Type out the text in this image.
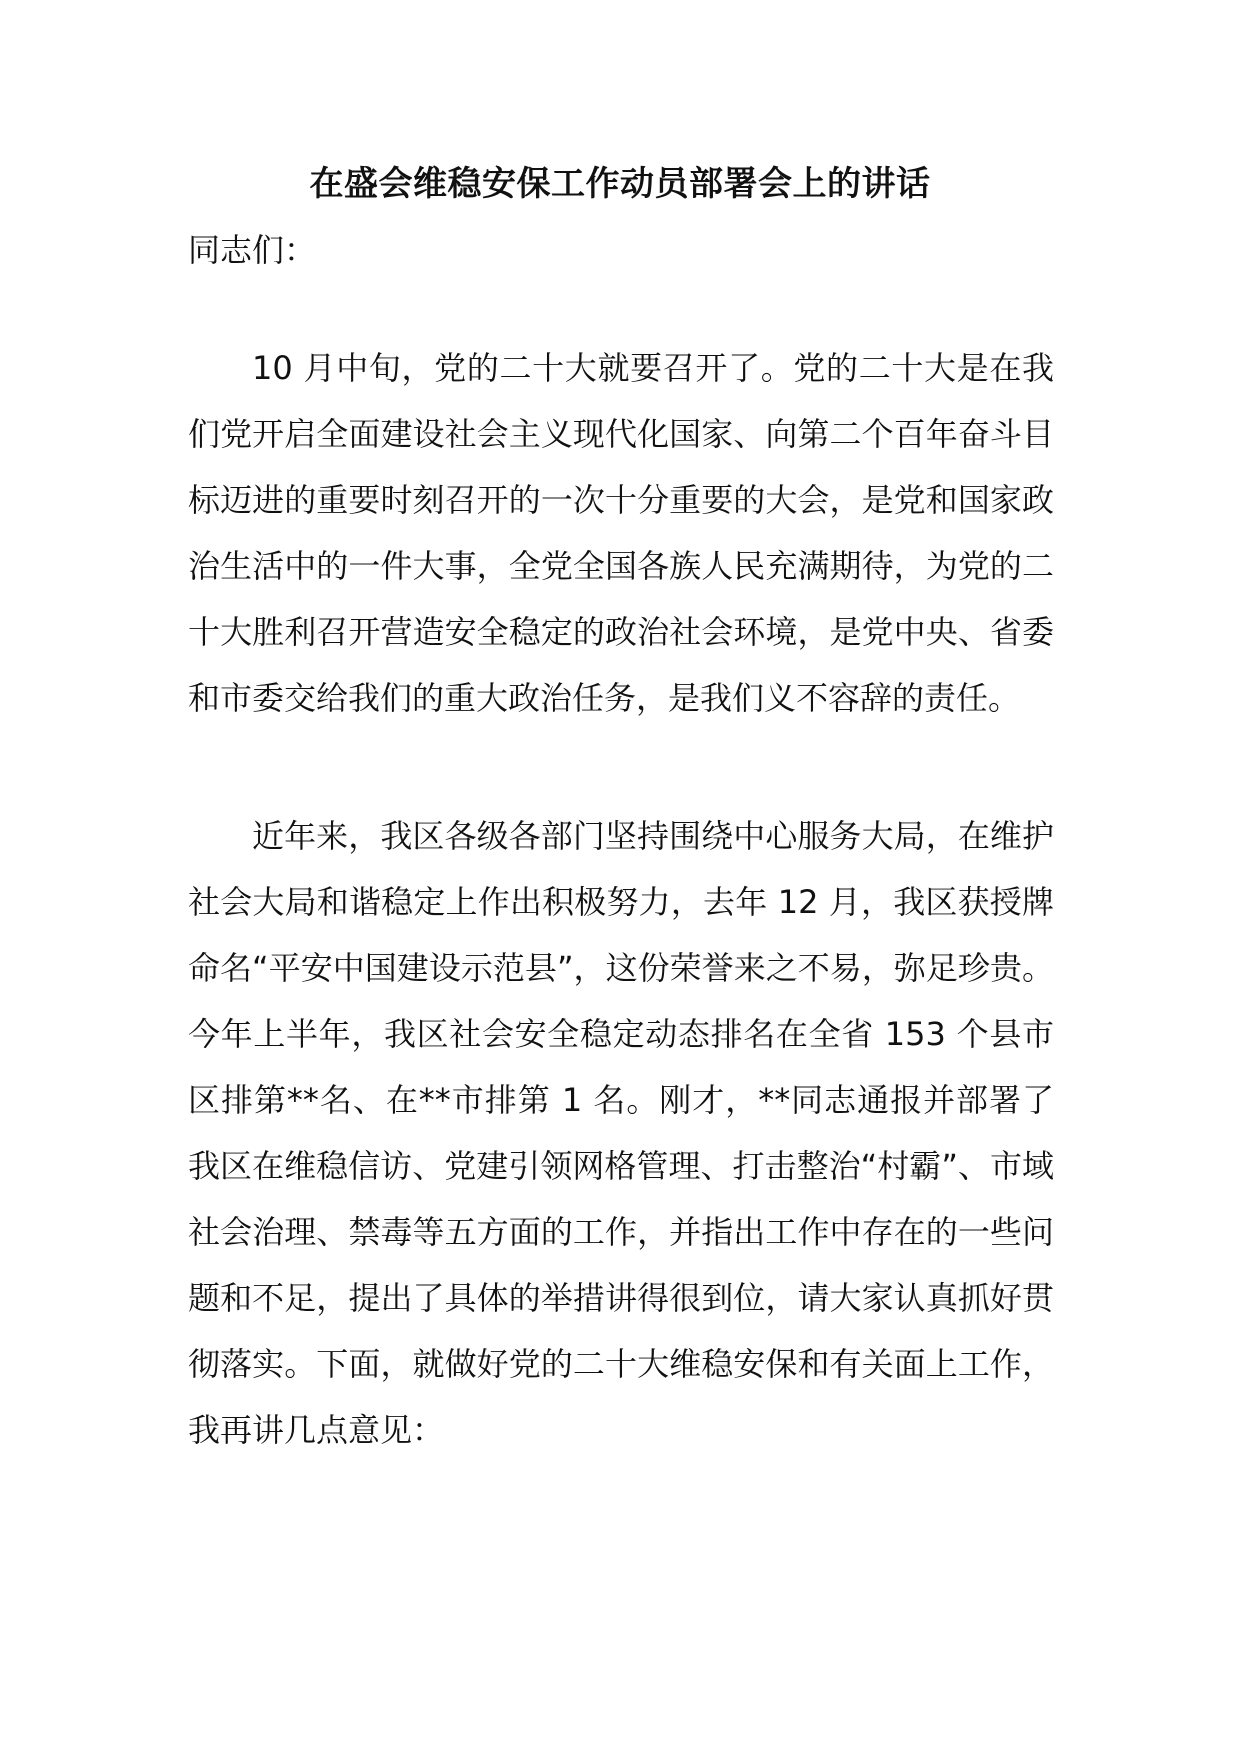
在盛会维稳安保工作动员部署会上的讲话

同志们：

10 月中旬，党的二十大就要召开了。党的二十大是在我们党开启全面建设社会主义现代化国家、向第二个百年奋斗目标迈进的重要时刻召开的一次十分重要的大会，是党和国家政治生活中的一件大事，全党全国各族人民充满期待，为党的二十大胜利召开营造安全稳定的政治社会环境，是党中央、省委和市委交给我们的重大政治任务，是我们义不容辞的责任。

近年来，我区各级各部门坚持围绕中心服务大局，在维护社会大局和谐稳定上作出积极努力，去年 12 月，我区获授牌命名“平安中国建设示范县”，这份荣誉来之不易，弥足珍贵。今年上半年，我区社会安全稳定动态排名在全省 153 个县市区排第**名、在**市排第 1 名。刚才，**同志通报并部署了我区在维稳信访、党建引领网格管理、打击整治“村霸”、市域社会治理、禁毒等五方面的工作，并指出工作中存在的一些问题和不足，提出了具体的举措讲得很到位，请大家认真抓好贯彻落实。下面，就做好党的二十大维稳安保和有关面上工作，我再讲几点意见：
